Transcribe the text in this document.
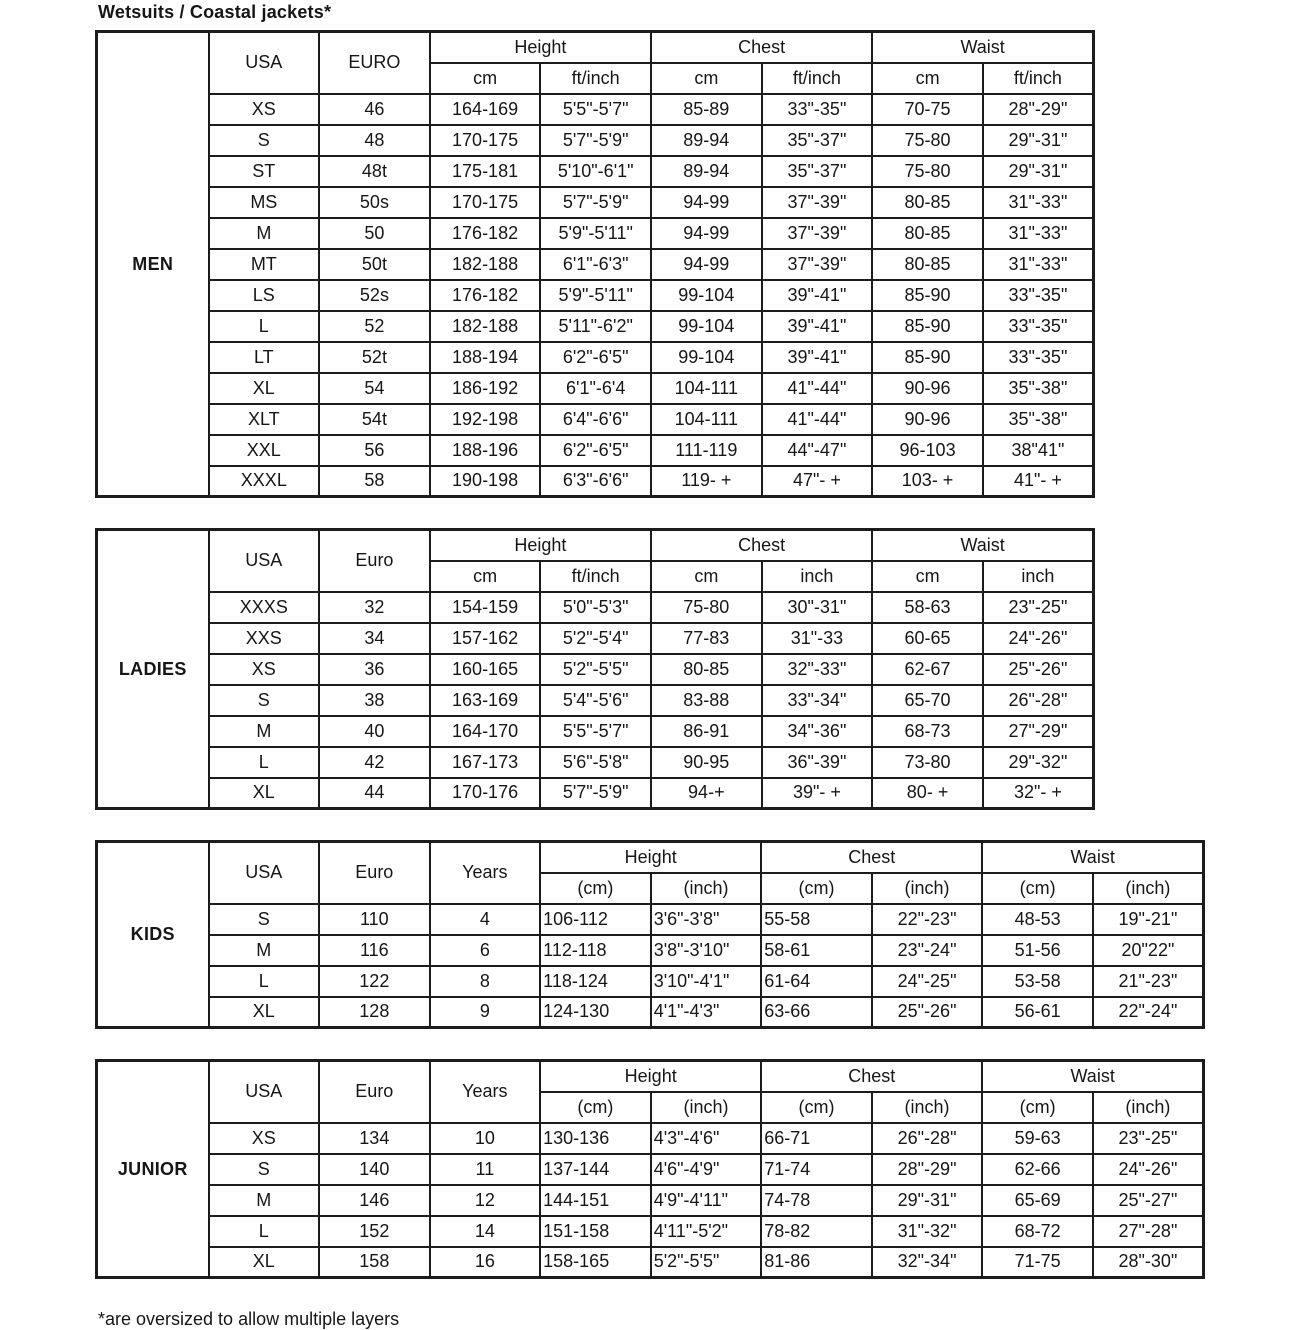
Wetsuits / Coastal jackets*
MEN	USA	EURO	Height		Chest		Waist	
			cm	ft/inch	cm	ft/inch	cm	ft/inch
	XS	46	164-169	5'5"-5'7"	85-89	33"-35"	70-75	28"-29"
	S	48	170-175	5'7"-5'9"	89-94	35"-37"	75-80	29"-31"
	ST	48t	175-181	5'10"-6'1"	89-94	35"-37"	75-80	29"-31"
	MS	50s	170-175	5'7"-5'9"	94-99	37"-39"	80-85	31"-33"
	M	50	176-182	5'9"-5'11"	94-99	37"-39"	80-85	31"-33"
	MT	50t	182-188	6'1"-6'3"	94-99	37"-39"	80-85	31"-33"
	LS	52s	176-182	5'9"-5'11"	99-104	39"-41"	85-90	33"-35"
	L	52	182-188	5'11"-6'2"	99-104	39"-41"	85-90	33"-35"
	LT	52t	188-194	6'2"-6'5"	99-104	39"-41"	85-90	33"-35"
	XL	54	186-192	6'1"-6'4	104-111	41"-44"	90-96	35"-38"
	XLT	54t	192-198	6'4"-6'6"	104-111	41"-44"	90-96	35"-38"
	XXL	56	188-196	6'2"-6'5"	111-119	44"-47"	96-103	38"41"
	XXXL	58	190-198	6'3"-6'6"	119- +	47"- +	103- +	41"- +
LADIES	USA	Euro	Height		Chest		Waist	
			cm	ft/inch	cm	inch	cm	inch
	XXXS	32	154-159	5'0"-5'3"	75-80	30"-31"	58-63	23"-25"
	XXS	34	157-162	5'2"-5'4"	77-83	31"-33	60-65	24"-26"
	XS	36	160-165	5'2"-5'5"	80-85	32"-33"	62-67	25"-26"
	S	38	163-169	5'4"-5'6"	83-88	33"-34"	65-70	26"-28"
	M	40	164-170	5'5"-5'7"	86-91	34"-36"	68-73	27"-29"
	L	42	167-173	5'6"-5'8"	90-95	36"-39"	73-80	29"-32"
	XL	44	170-176	5'7"-5'9"	94-+	39"- +	80- +	32"- +
KIDS	USA	Euro	Years	Height		Chest		Waist	
				(cm)	(inch)	(cm)	(inch)	(cm)	(inch)
	S	110	4	106-112	3'6"-3'8"	55-58	22"-23"	48-53	19"-21"
	M	116	6	112-118	3'8"-3'10"	58-61	23"-24"	51-56	20"22"
	L	122	8	118-124	3'10"-4'1"	61-64	24"-25"	53-58	21"-23"
	XL	128	9	124-130	4'1"-4'3"	63-66	25"-26"	56-61	22"-24"
JUNIOR	USA	Euro	Years	Height		Chest		Waist	
				(cm)	(inch)	(cm)	(inch)	(cm)	(inch)
	XS	134	10	130-136	4'3"-4'6"	66-71	26"-28"	59-63	23"-25"
	S	140	11	137-144	4'6"-4'9"	71-74	28"-29"	62-66	24"-26"
	M	146	12	144-151	4'9"-4'11"	74-78	29"-31"	65-69	25"-27"
	L	152	14	151-158	4'11"-5'2"	78-82	31"-32"	68-72	27"-28"
	XL	158	16	158-165	5'2"-5'5"	81-86	32"-34"	71-75	28"-30"
*are oversized to allow multiple layers
